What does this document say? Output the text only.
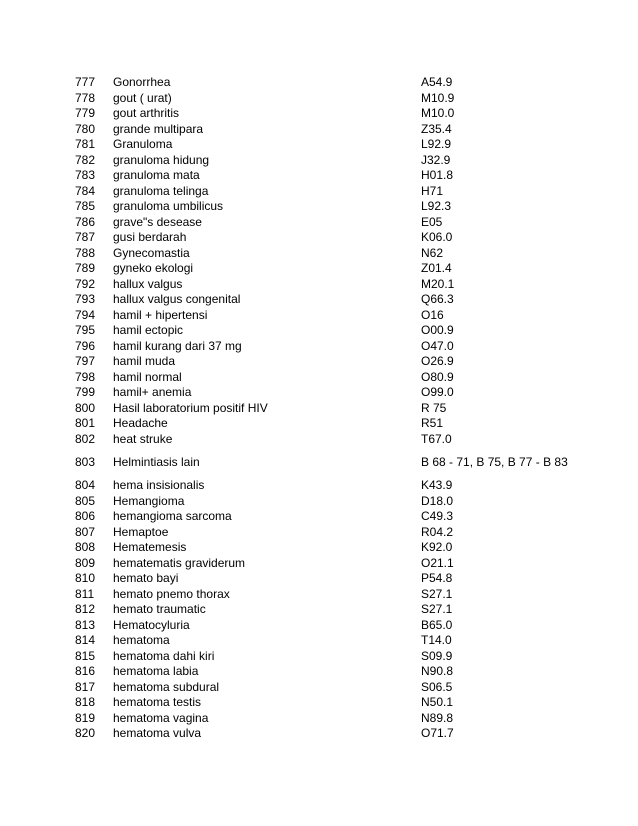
777	Gonorrhea	A54.9
778	gout ( urat)	M10.9
779	gout arthritis	M10.0
780	grande multipara	Z35.4
781	Granuloma	L92.9
782	granuloma hidung	J32.9
783	granuloma mata	H01.8
784	granuloma telinga	H71
785	granuloma umbilicus	L92.3
786	grave"s desease	E05
787	gusi berdarah	K06.0
788	Gynecomastia	N62
789	gyneko ekologi	Z01.4
792	hallux valgus	M20.1
793	hallux valgus congenital	Q66.3
794	hamil + hipertensi	O16
795	hamil ectopic	O00.9
796	hamil kurang dari 37 mg	O47.0
797	hamil muda	O26.9
798	hamil normal	O80.9
799	hamil+ anemia	O99.0
800	Hasil laboratorium positif HIV	R 75
801	Headache	R51
802	heat struke	T67.0
803	Helmintiasis lain	B 68 - 71, B 75, B 77 - B 83
804	hema insisionalis	K43.9
805	Hemangioma	D18.0
806	hemangioma sarcoma	C49.3
807	Hemaptoe	R04.2
808	Hematemesis	K92.0
809	hematematis graviderum	O21.1
810	hemato bayi	P54.8
811	hemato pnemo thorax	S27.1
812	hemato traumatic	S27.1
813	Hematocyluria	B65.0
814	hematoma	T14.0
815	hematoma dahi kiri	S09.9
816	hematoma labia	N90.8
817	hematoma subdural	S06.5
818	hematoma testis	N50.1
819	hematoma vagina	N89.8
820	hematoma vulva	O71.7
